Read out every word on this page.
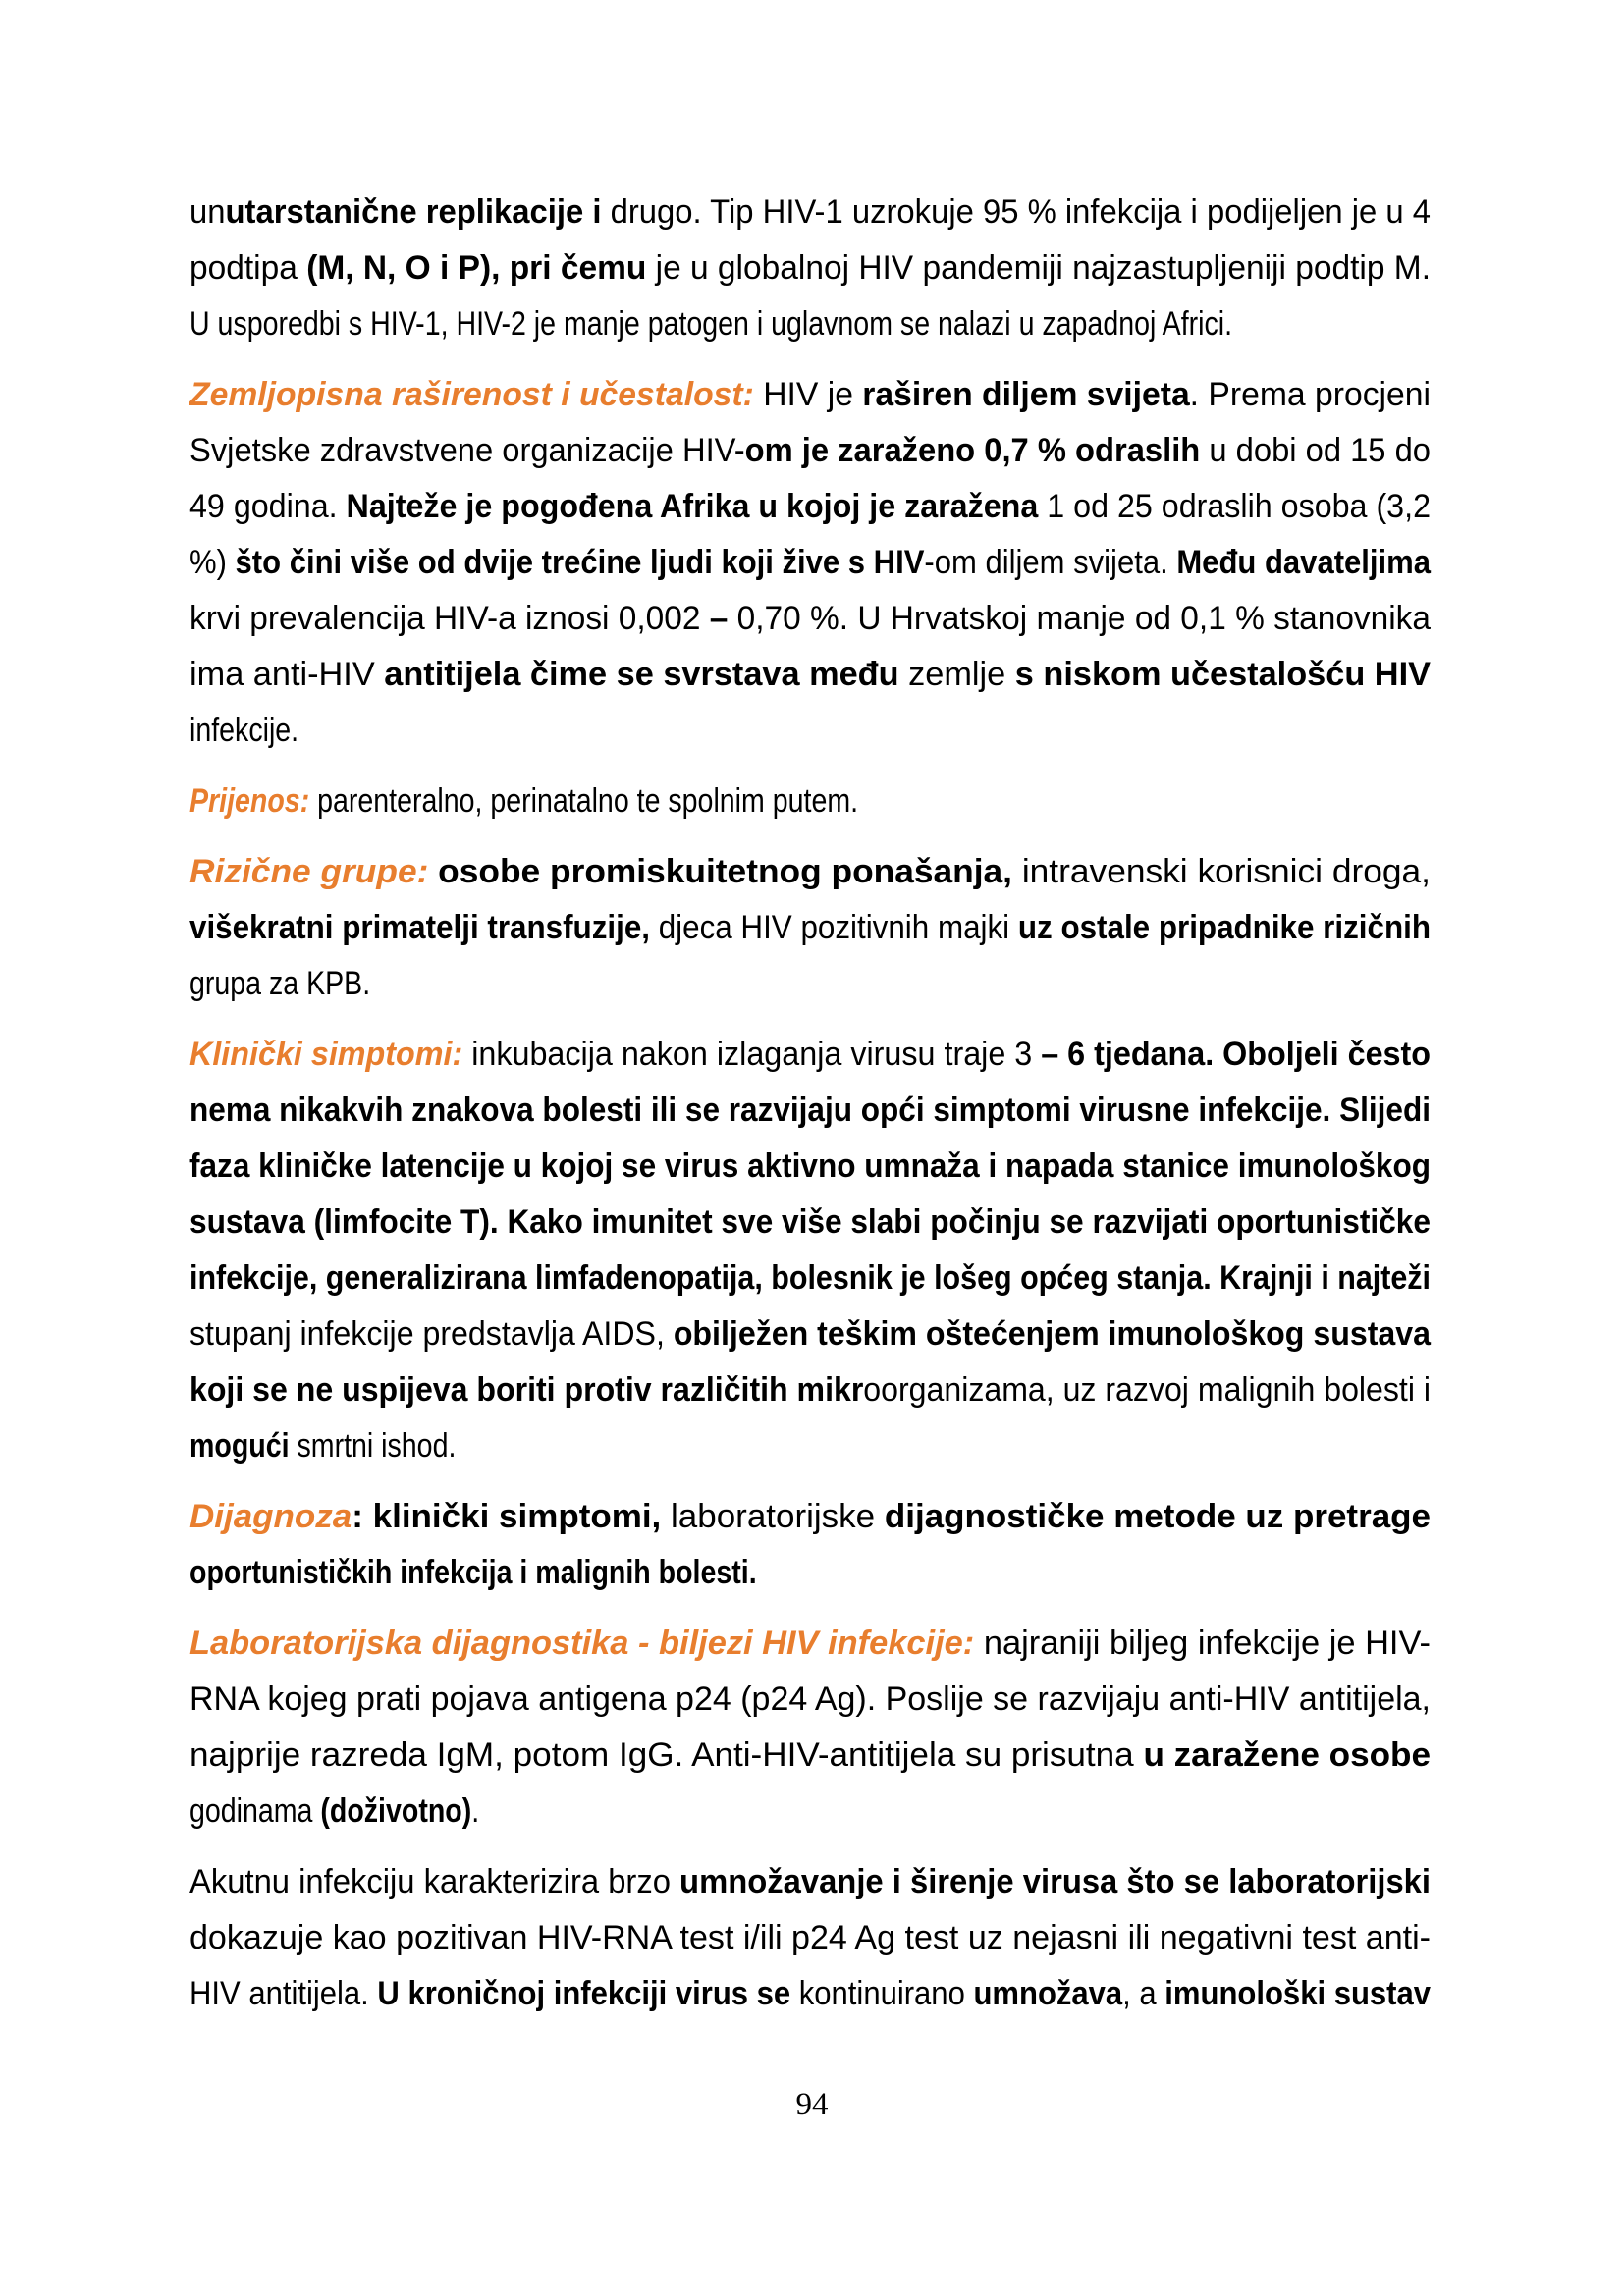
unutarstanične replikacije i drugo. Tip HIV-1 uzrokuje 95 % infekcija i podijeljen je u 4
podtipa (M, N, O i P), pri čemu je u globalnoj HIV pandemiji najzastupljeniji podtip M.
U usporedbi s HIV-1, HIV-2 je manje patogen i uglavnom se nalazi u zapadnoj Africi.
Zemljopisna raširenost i učestalost: HIV je raširen diljem svijeta. Prema procjeni
Svjetske zdravstvene organizacije HIV-om je zaraženo 0,7 % odraslih u dobi od 15 do
49 godina. Najteže je pogođena Afrika u kojoj je zaražena 1 od 25 odraslih osoba (3,2
%) što čini više od dvije trećine ljudi koji žive s HIV-om diljem svijeta. Među davateljima
krvi prevalencija HIV-a iznosi 0,002 – 0,70 %. U Hrvatskoj manje od 0,1 % stanovnika
ima anti-HIV antitijela čime se svrstava među zemlje s niskom učestalošću HIV
infekcije.
Prijenos: parenteralno, perinatalno te spolnim putem.
Rizične grupe: osobe promiskuitetnog ponašanja, intravenski korisnici droga,
višekratni primatelji transfuzije, djeca HIV pozitivnih majki uz ostale pripadnike rizičnih
grupa za KPB.
Klinički simptomi: inkubacija nakon izlaganja virusu traje 3 – 6 tjedana. Oboljeli često
nema nikakvih znakova bolesti ili se razvijaju opći simptomi virusne infekcije. Slijedi
faza kliničke latencije u kojoj se virus aktivno umnaža i napada stanice imunološkog
sustava (limfocite T). Kako imunitet sve više slabi počinju se razvijati oportunističke
infekcije, generalizirana limfadenopatija, bolesnik je lošeg općeg stanja. Krajnji i najteži
stupanj infekcije predstavlja AIDS, obilježen teškim oštećenjem imunološkog sustava
koji se ne uspijeva boriti protiv različitih mikroorganizama, uz razvoj malignih bolesti i
mogući smrtni ishod.
Dijagnoza: klinički simptomi, laboratorijske dijagnostičke metode uz pretrage
oportunističkih infekcija i malignih bolesti.
Laboratorijska dijagnostika - biljezi HIV infekcije: najraniji biljeg infekcije je HIV-
RNA kojeg prati pojava antigena p24 (p24 Ag). Poslije se razvijaju anti-HIV antitijela,
najprije razreda IgM, potom IgG. Anti-HIV-antitijela su prisutna u zaražene osobe
godinama (doživotno).
Akutnu infekciju karakterizira brzo umnožavanje i širenje virusa što se laboratorijski
dokazuje kao pozitivan HIV-RNA test i/ili p24 Ag test uz nejasni ili negativni test anti-
HIV antitijela. U kroničnoj infekciji virus se kontinuirano umnožava, a imunološki sustav
94
